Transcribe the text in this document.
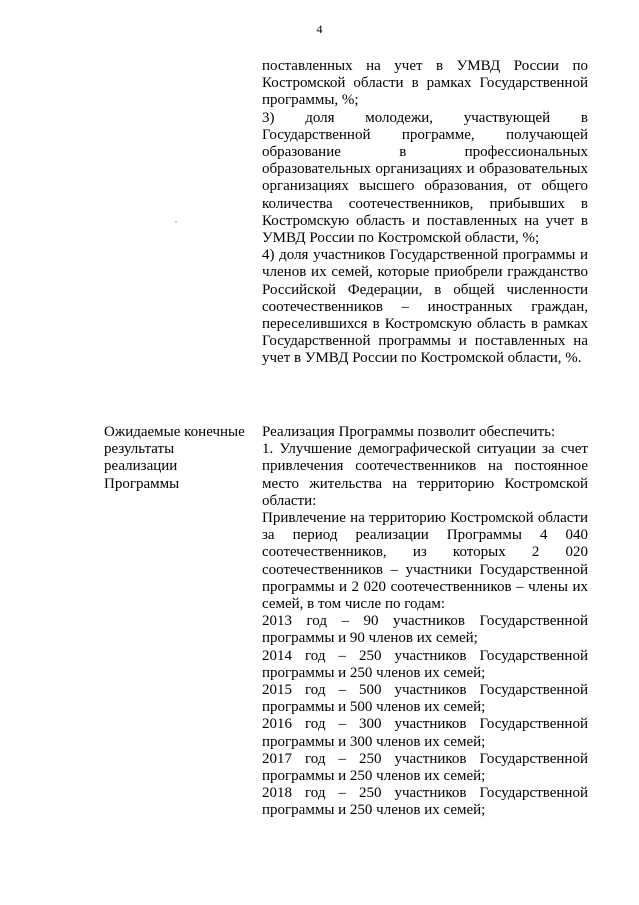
4

поставленных на учет в УМВД России по Костромской области в рамках Государственной программы, %;

3) доля молодежи, участвующей в Государственной программе, получающей образование в профессиональных образовательных организациях и образовательных организациях высшего образования, от общего количества соотечественников, прибывших в Костромскую область и поставленных на учет в УМВД России по Костромской области, %;

4) доля участников Государственной программы и членов их семей, которые приобрели гражданство Российской Федерации, в общей численности соотечественников – иностранных граждан, переселившихся в Костромскую область в рамках Государственной программы и поставленных на учет в УМВД России по Костромской области, %.

Ожидаемые конечные
результаты
реализации
Программы

Реализация Программы позволит обеспечить:

1. Улучшение демографической ситуации за счет привлечения соотечественников на постоянное место жительства на территорию Костромской области:

Привлечение на территорию Костромской области за период реализации Программы 4 040 соотечественников, из которых 2 020 соотечественников – участники Государственной программы и 2 020 соотечественников – члены их семей, в том числе по годам:

2013 год – 90 участников Государственной программы и 90 членов их семей;

2014 год – 250 участников Государственной программы и 250 членов их семей;

2015 год – 500 участников Государственной программы и 500 членов их семей;

2016 год – 300 участников Государственной программы и 300 членов их семей;

2017 год – 250 участников Государственной программы и 250 членов их семей;

2018 год – 250 участников Государственной программы и 250 членов их семей;
